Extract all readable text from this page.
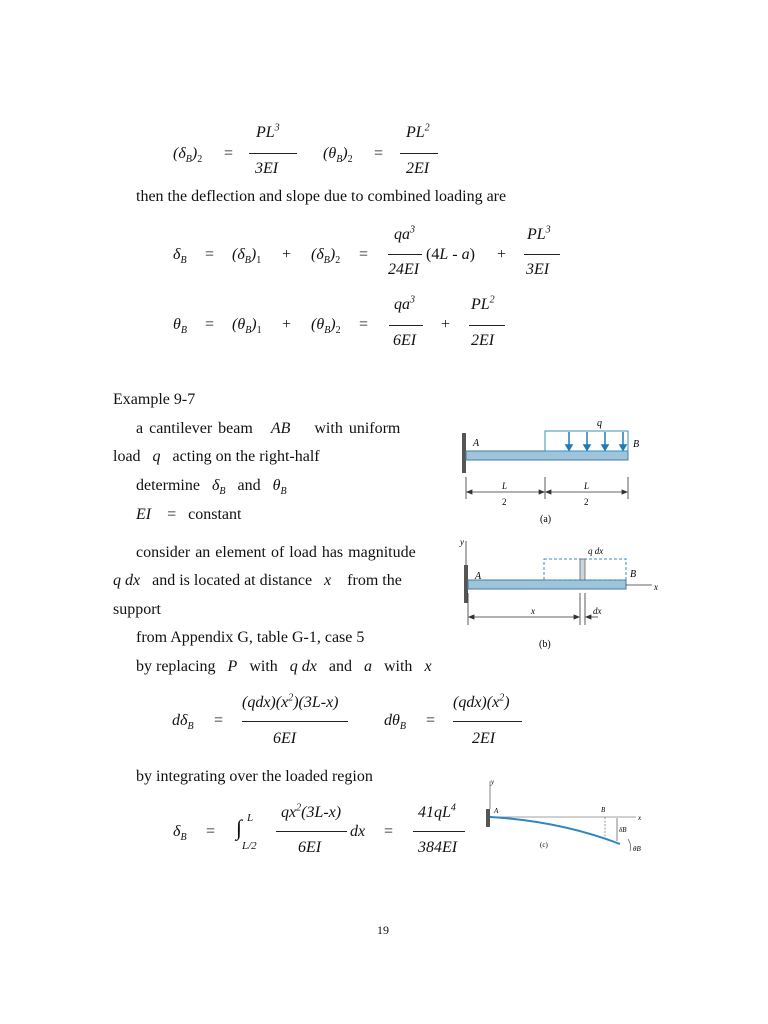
$(\delta_B)_2$ =
$PL^3$
3EI
$(\theta_B)_2$ =
$PL^2$
2EI
then the deflection and slope due to combined loading are
$\delta_B = (\delta_B)_1 + (\delta_B)_2$ =
$qa^3$
24EI
(4L - a) +
$PL^3$
3EI
$\theta_B = (\theta_B)_1 + (\theta_B)_2$ =
$qa^3$
6EI
+
$PL^2$
2EI
Example 9-7
a cantilever beam   AB    with uniform
load   q   acting on the right-half
determine   $\delta_B$   and   $\theta_B$
EI    =   constant
consider an element of load has magnitude
q dx   and is located at distance   x    from the
support
from Appendix G, table G-1, case 5
by replacing   P   with   q dx   and   a   with   x
$d\delta_B$ =
$(qdx)(x^2)(3L-x)$
6EI
$d\theta_B$ =
$(qdx)(x^2)$
2EI
by integrating over the loaded region
$\delta_B$ = ∫ L
L/2
$qx^2(3L-x)$
6EI
dx =
$41qL^4$
384EI
A	B
q
L
2
L
2
(a)
y
x
q dx
A	B
x	dx
(b)
y
x
A	B
δB
θB
(c)
19
